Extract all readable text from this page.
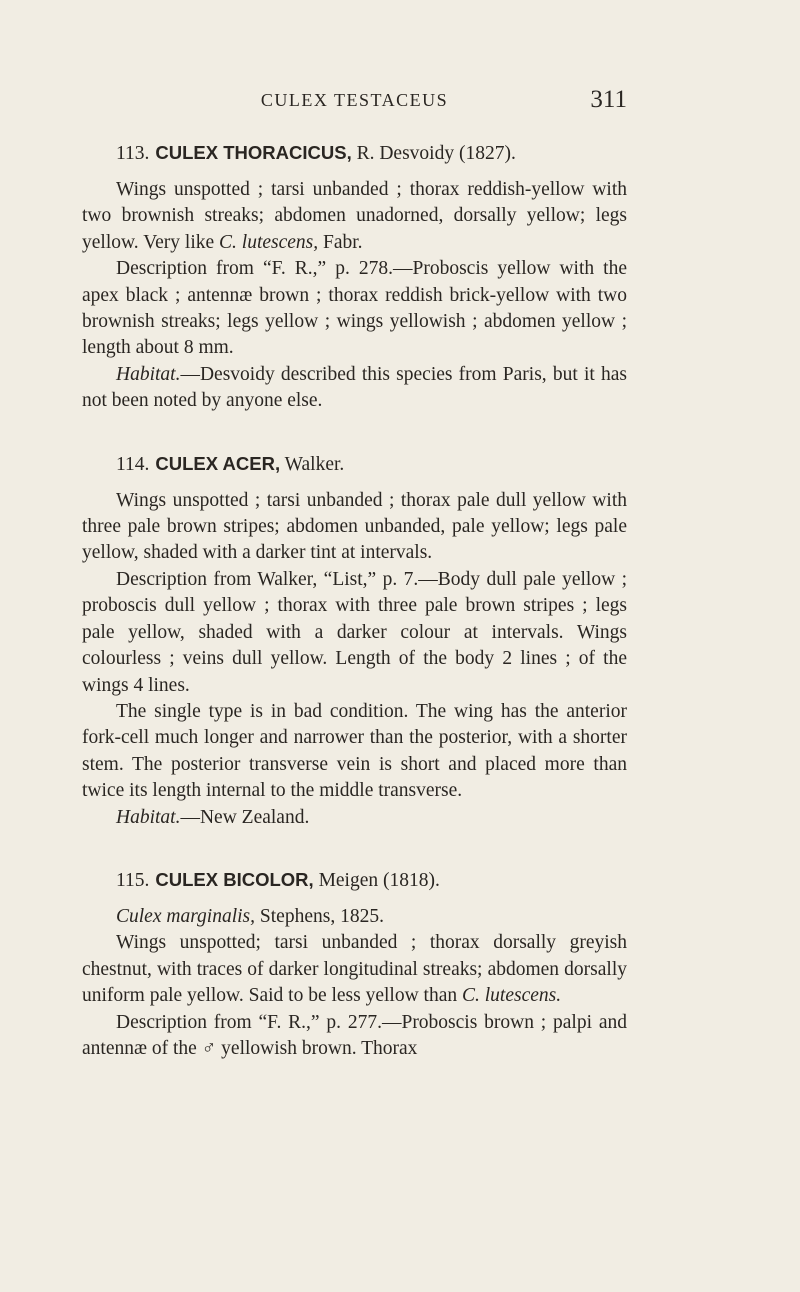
CULEX TESTACEUS	311
113. CULEX THORACICUS, R. Desvoidy (1827).

Wings unspotted ; tarsi unbanded ; thorax reddish-yellow with two brownish streaks; abdomen unadorned, dorsally yellow; legs yellow. Very like C. lutescens, Fabr.

Description from “F. R.,” p. 278.—Proboscis yellow with the apex black ; antennæ brown ; thorax reddish brick-yellow with two brownish streaks; legs yellow ; wings yellowish ; abdomen yellow ; length about 8 mm.

Habitat.—Desvoidy described this species from Paris, but it has not been noted by anyone else.

114. CULEX ACER, Walker.

Wings unspotted ; tarsi unbanded ; thorax pale dull yellow with three pale brown stripes; abdomen unbanded, pale yellow; legs pale yellow, shaded with a darker tint at intervals.

Description from Walker, “List,” p. 7.—Body dull pale yellow ; proboscis dull yellow ; thorax with three pale brown stripes ; legs pale yellow, shaded with a darker colour at intervals. Wings colourless ; veins dull yellow. Length of the body 2 lines ; of the wings 4 lines.

The single type is in bad condition. The wing has the anterior fork-cell much longer and narrower than the posterior, with a shorter stem. The posterior transverse vein is short and placed more than twice its length internal to the middle transverse.

Habitat.—New Zealand.

115. CULEX BICOLOR, Meigen (1818).

Culex marginalis, Stephens, 1825.

Wings unspotted; tarsi unbanded ; thorax dorsally greyish chestnut, with traces of darker longitudinal streaks; abdomen dorsally uniform pale yellow. Said to be less yellow than C. lutescens.

Description from “F. R.,” p. 277.—Proboscis brown ; palpi and antennæ of the ♂ yellowish brown. Thorax
